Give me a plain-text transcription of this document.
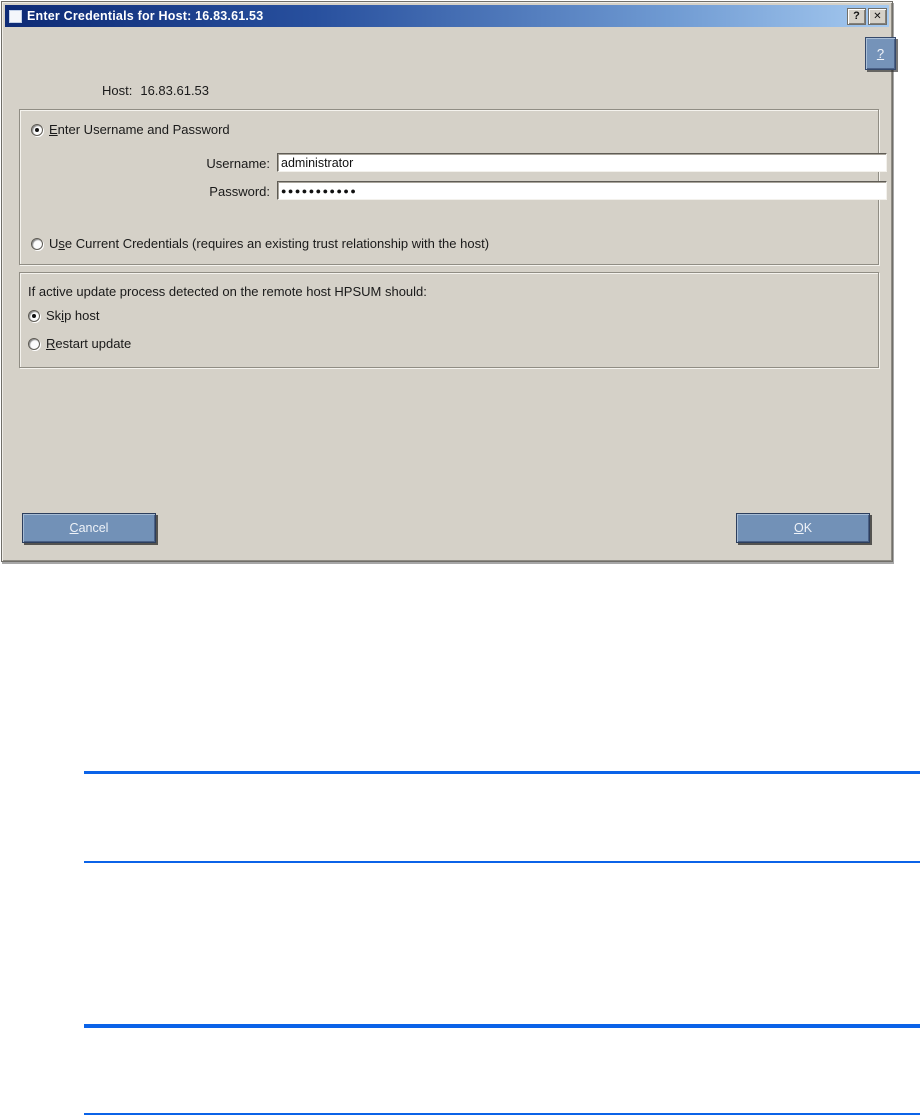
Enter Credentials for Host: 16.83.61.53	?	✕
?
Host: 16.83.61.53
Enter Username and Password
Username:
administrator
Password:
●●●●●●●●●●●
Use Current Credentials (requires an existing trust relationship with the host)
If active update process detected on the remote host HPSUM should:
Skip host
Restart update
Cancel	OK
